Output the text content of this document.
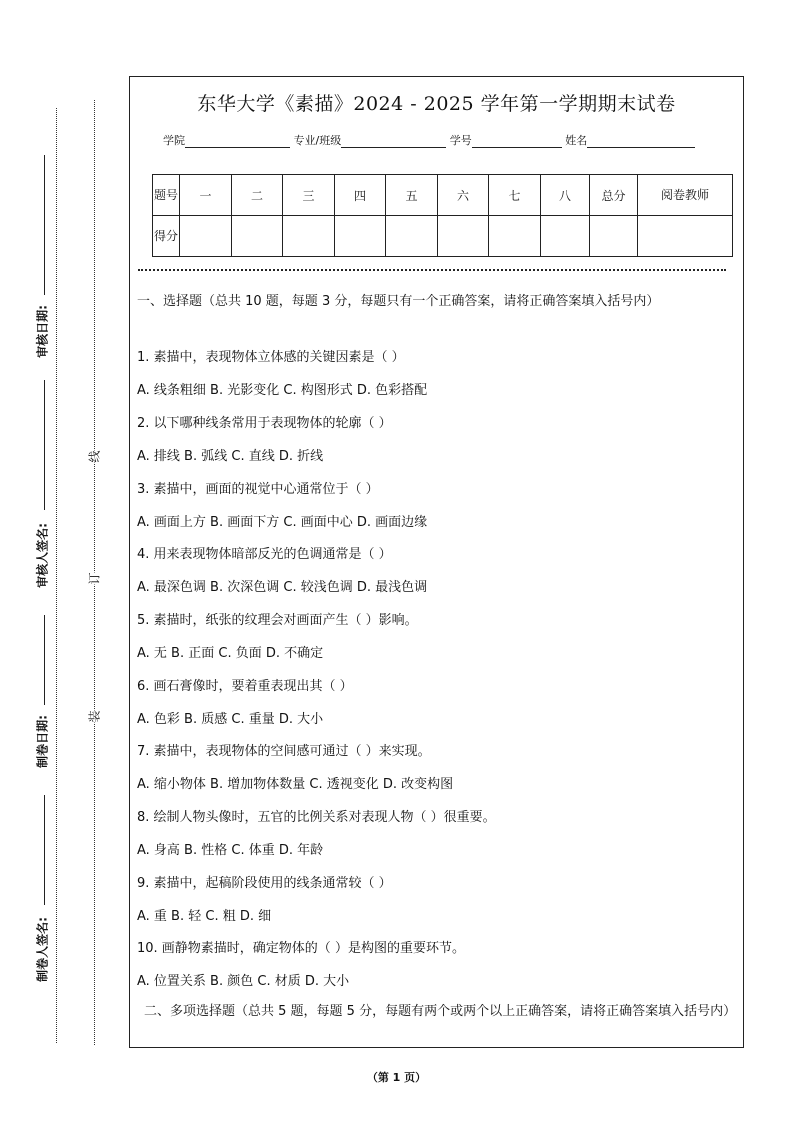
审核日期:
审核人签名:
制卷日期:
制卷人签名:
线
订
装
东华大学《素描》2024 - 2025 学年第一学期期末试卷
学院	专业/班级	学号	姓名
题号	一	二	三	四	五	六	七	八	总分	阅卷教师
得分										
一、选择题（总共 10 题，每题 3 分，每题只有一个正确答案，请将正确答案填入括号内）
1. 素描中，表现物体立体感的关键因素是（ ）
A. 线条粗细 B. 光影变化 C. 构图形式 D. 色彩搭配
2. 以下哪种线条常用于表现物体的轮廓（ ）
A. 排线 B. 弧线 C. 直线 D. 折线
3. 素描中，画面的视觉中心通常位于（ ）
A. 画面上方 B. 画面下方 C. 画面中心 D. 画面边缘
4. 用来表现物体暗部反光的色调通常是（ ）
A. 最深色调 B. 次深色调 C. 较浅色调 D. 最浅色调
5. 素描时，纸张的纹理会对画面产生（ ）影响。
A. 无 B. 正面 C. 负面 D. 不确定
6. 画石膏像时，要着重表现出其（ ）
A. 色彩 B. 质感 C. 重量 D. 大小
7. 素描中，表现物体的空间感可通过（ ）来实现。
A. 缩小物体 B. 增加物体数量 C. 透视变化 D. 改变构图
8. 绘制人物头像时，五官的比例关系对表现人物（ ）很重要。
A. 身高 B. 性格 C. 体重 D. 年龄
9. 素描中，起稿阶段使用的线条通常较（ ）
A. 重 B. 轻 C. 粗 D. 细
10. 画静物素描时，确定物体的（ ）是构图的重要环节。
A. 位置关系 B. 颜色 C. 材质 D. 大小
二、多项选择题（总共 5 题，每题 5 分，每题有两个或两个以上正确答案，请将正确答案填入括号内）
（第 1 页）
